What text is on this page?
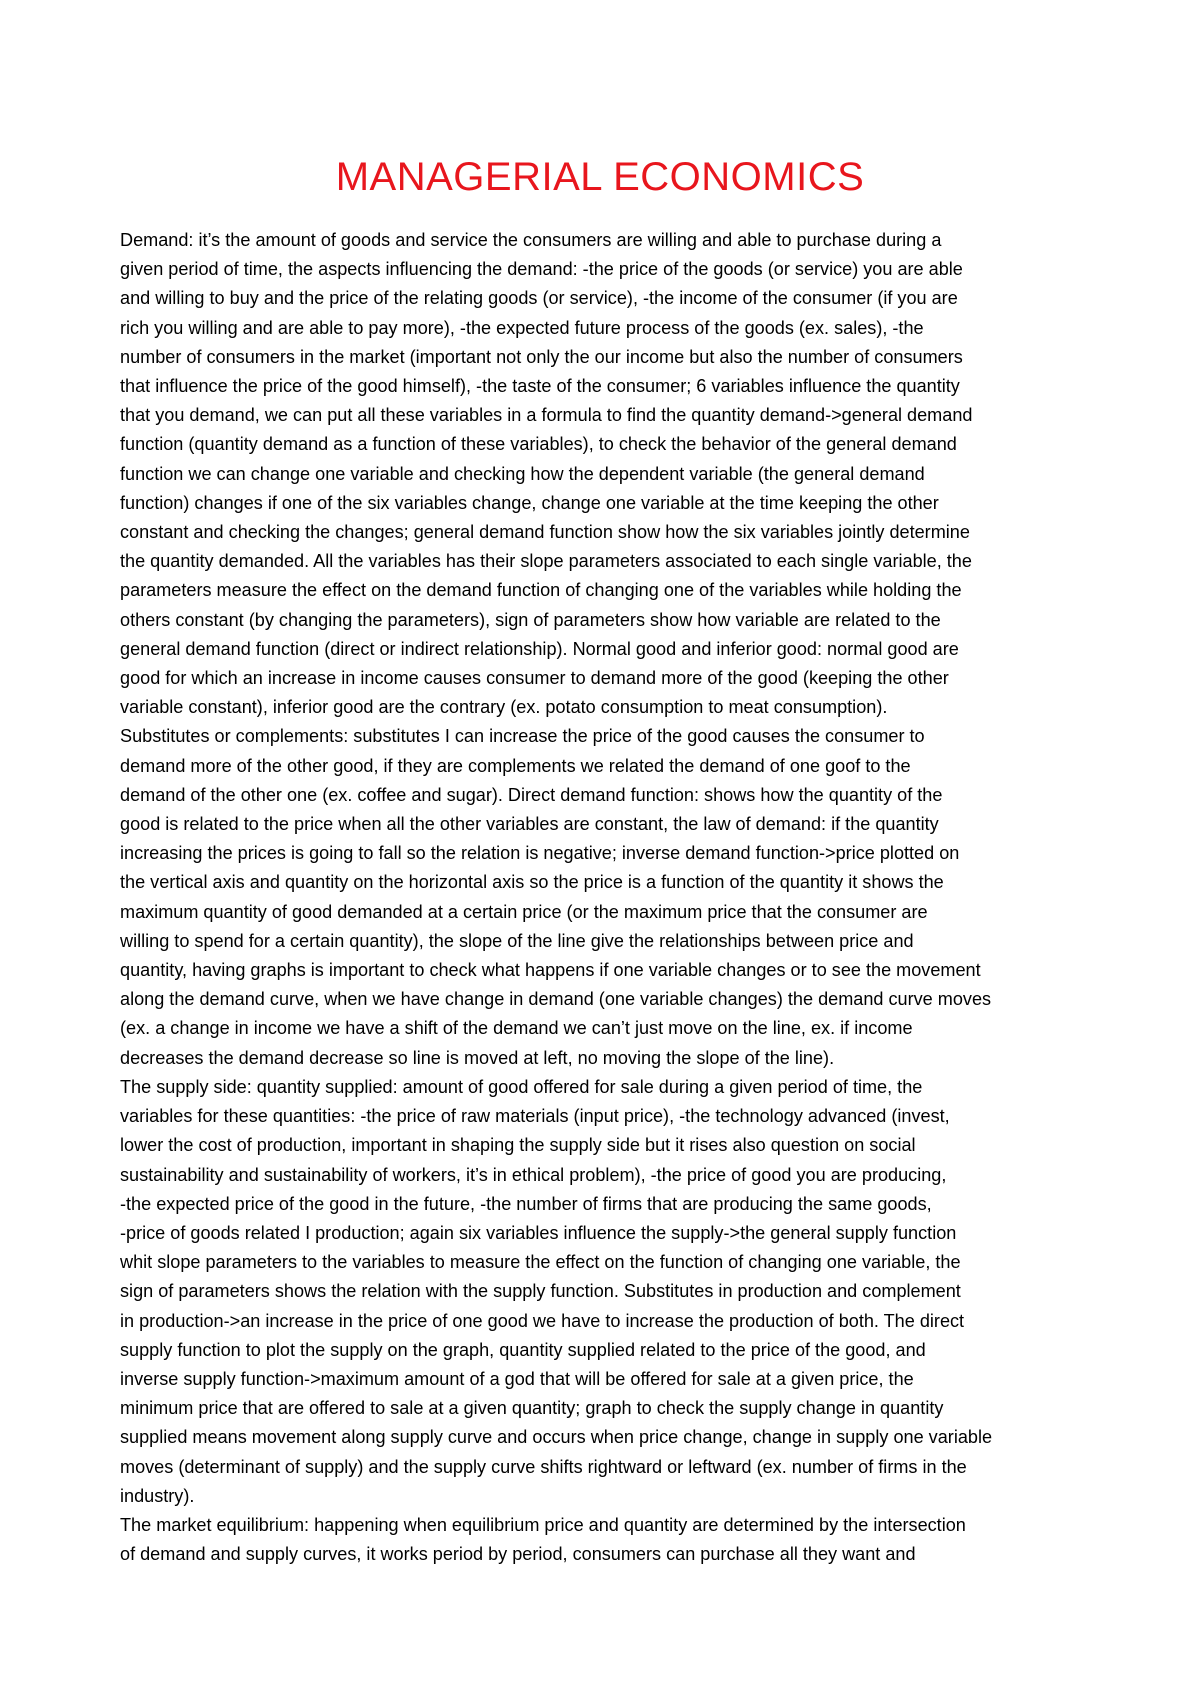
MANAGERIAL ECONOMICS

Demand: it’s the amount of goods and service the consumers are willing and able to purchase during a
given period of time, the aspects influencing the demand: -the price of the goods (or service) you are able
and willing to buy and the price of the relating goods (or service), -the income of the consumer (if you are
rich you willing and are able to pay more), -the expected future process of the goods (ex. sales), -the
number of consumers in the market (important not only the our income but also the number of consumers
that influence the price of the good himself), -the taste of the consumer; 6 variables influence the quantity
that you demand, we can put all these variables in a formula to find the quantity demand->general demand
function (quantity demand as a function of these variables), to check the behavior of the general demand
function we can change one variable and checking how the dependent variable (the general demand
function) changes if one of the six variables change, change one variable at the time keeping the other
constant and checking the changes; general demand function show how the six variables jointly determine
the quantity demanded. All the variables has their slope parameters associated to each single variable, the
parameters measure the effect on the demand function of changing one of the variables while holding the
others constant (by changing the parameters), sign of parameters show how variable are related to the
general demand function (direct or indirect relationship). Normal good and inferior good: normal good are
good for which an increase in income causes consumer to demand more of the good (keeping the other
variable constant), inferior good are the contrary (ex. potato consumption to meat consumption).
Substitutes or complements: substitutes I can increase the price of the good causes the consumer to
demand more of the other good, if they are complements we related the demand of one goof to the
demand of the other one (ex. coffee and sugar). Direct demand function: shows how the quantity of the
good is related to the price when all the other variables are constant, the law of demand: if the quantity
increasing the prices is going to fall so the relation is negative; inverse demand function->price plotted on
the vertical axis and quantity on the horizontal axis so the price is a function of the quantity it shows the
maximum quantity of good demanded at a certain price (or the maximum price that the consumer are
willing to spend for a certain quantity), the slope of the line give the relationships between price and
quantity, having graphs is important to check what happens if one variable changes or to see the movement
along the demand curve, when we have change in demand (one variable changes) the demand curve moves
(ex. a change in income we have a shift of the demand we can’t just move on the line, ex. if income
decreases the demand decrease so line is moved at left, no moving the slope of the line).

The supply side: quantity supplied: amount of good offered for sale during a given period of time, the
variables for these quantities: -the price of raw materials (input price), -the technology advanced (invest,
lower the cost of production, important in shaping the supply side but it rises also question on social
sustainability and sustainability of workers, it’s in ethical problem), -the price of good you are producing,
-the expected price of the good in the future, -the number of firms that are producing the same goods,
-price of goods related I production; again six variables influence the supply->the general supply function
whit slope parameters to the variables to measure the effect on the function of changing one variable, the
sign of parameters shows the relation with the supply function. Substitutes in production and complement
in production->an increase in the price of one good we have to increase the production of both. The direct
supply function to plot the supply on the graph, quantity supplied related to the price of the good, and
inverse supply function->maximum amount of a god that will be offered for sale at a given price, the
minimum price that are offered to sale at a given quantity; graph to check the supply change in quantity
supplied means movement along supply curve and occurs when price change, change in supply one variable
moves (determinant of supply) and the supply curve shifts rightward or leftward (ex. number of firms in the
industry).

The market equilibrium: happening when equilibrium price and quantity are determined by the intersection
of demand and supply curves, it works period by period, consumers can purchase all they want and
